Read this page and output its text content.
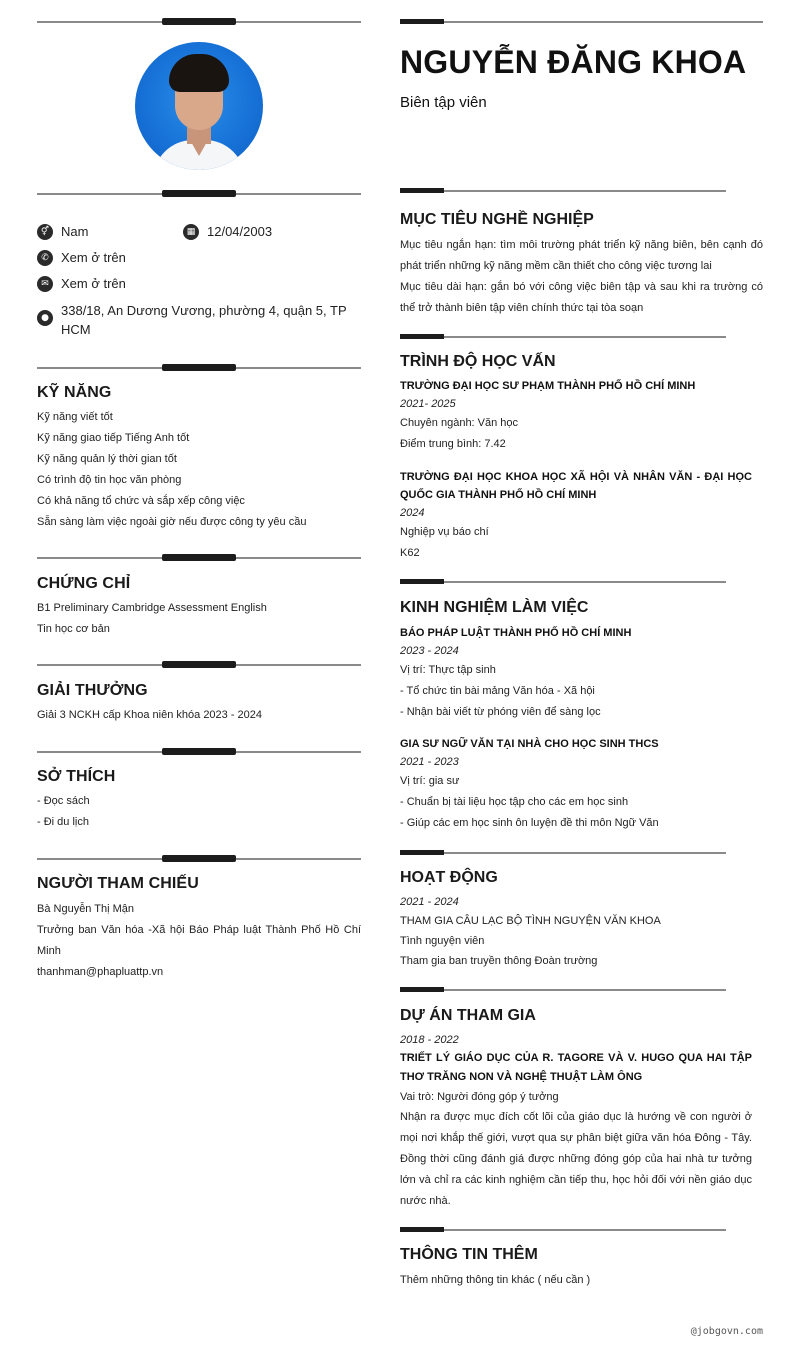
⚥ Nam	▦ 12/04/2003
✆ Xem ở trên
✉ Xem ở trên
● 338/18, An Dương Vương, phường 4, quận 5, TP HCM
KỸ NĂNG
Kỹ năng viết tốt
Kỹ năng giao tiếp Tiếng Anh tốt
Kỹ năng quản lý thời gian tốt
Có trình độ tin học văn phòng
Có khả năng tổ chức và sắp xếp công việc
Sẵn sàng làm việc ngoài giờ nếu được công ty yêu cầu
CHỨNG CHỈ
B1 Preliminary Cambridge Assessment English
Tin học cơ bản
GIẢI THƯỞNG
Giải 3 NCKH cấp Khoa niên khóa 2023 - 2024
SỞ THÍCH
- Đọc sách
- Đi du lịch
NGƯỜI THAM CHIẾU
Bà Nguyễn Thị Mận
Trưởng ban Văn hóa -Xã hội Báo Pháp luật Thành Phố Hồ Chí Minh
thanhman@phapluattp.vn
NGUYỄN ĐĂNG KHOA
Biên tập viên
MỤC TIÊU NGHỀ NGHIỆP
Mục tiêu ngắn hạn: tìm môi trường phát triển kỹ năng biên, bên cạnh đó phát triển những kỹ năng mềm cần thiết cho công việc tương lai
Mục tiêu dài hạn: gắn bó với công việc biên tập và sau khi ra trường có thể trở thành biên tập viên chính thức tại tòa soạn
TRÌNH ĐỘ HỌC VẤN
TRƯỜNG ĐẠI HỌC SƯ PHẠM THÀNH PHỐ HỒ CHÍ MINH
2021- 2025
Chuyên ngành: Văn học
Điểm trung bình: 7.42
TRƯỜNG ĐẠI HỌC KHOA HỌC XÃ HỘI VÀ NHÂN VĂN - ĐẠI HỌC QUỐC GIA THÀNH PHỐ HỒ CHÍ MINH
2024
Nghiệp vụ báo chí
K62
KINH NGHIỆM LÀM VIỆC
BÁO PHÁP LUẬT THÀNH PHỐ HỒ CHÍ MINH
2023 - 2024
Vị trí: Thực tập sinh
- Tổ chức tin bài mảng Văn hóa - Xã hội
- Nhận bài viết từ phóng viên để sàng lọc
GIA SƯ NGỮ VĂN TẠI NHÀ CHO HỌC SINH THCS
2021 - 2023
Vị trí: gia sư
- Chuẩn bị tài liệu học tập cho các em học sinh
- Giúp các em học sinh ôn luyện đề thi môn Ngữ Văn
HOẠT ĐỘNG
2021 - 2024
THAM GIA CÂU LẠC BỘ TÌNH NGUYỆN VĂN KHOA
Tình nguyện viên
Tham gia ban truyền thông Đoàn trường
DỰ ÁN THAM GIA
2018 - 2022
TRIẾT LÝ GIÁO DỤC CỦA R. TAGORE VÀ V. HUGO QUA HAI TẬP THƠ TRĂNG NON VÀ NGHỆ THUẬT LÀM ÔNG
Vai trò: Người đóng góp ý tưởng
Nhận ra được mục đích cốt lõi của giáo dục là hướng về con người ở mọi nơi khắp thế giới, vượt qua sự phân biệt giữa văn hóa Đông - Tây. Đồng thời cũng đánh giá được những đóng góp của hai nhà tư tưởng lớn và chỉ ra các kinh nghiệm cần tiếp thu, học hỏi đối với nền giáo dục nước nhà.
THÔNG TIN THÊM
Thêm những thông tin khác ( nếu cần )
@jobgovn.com
